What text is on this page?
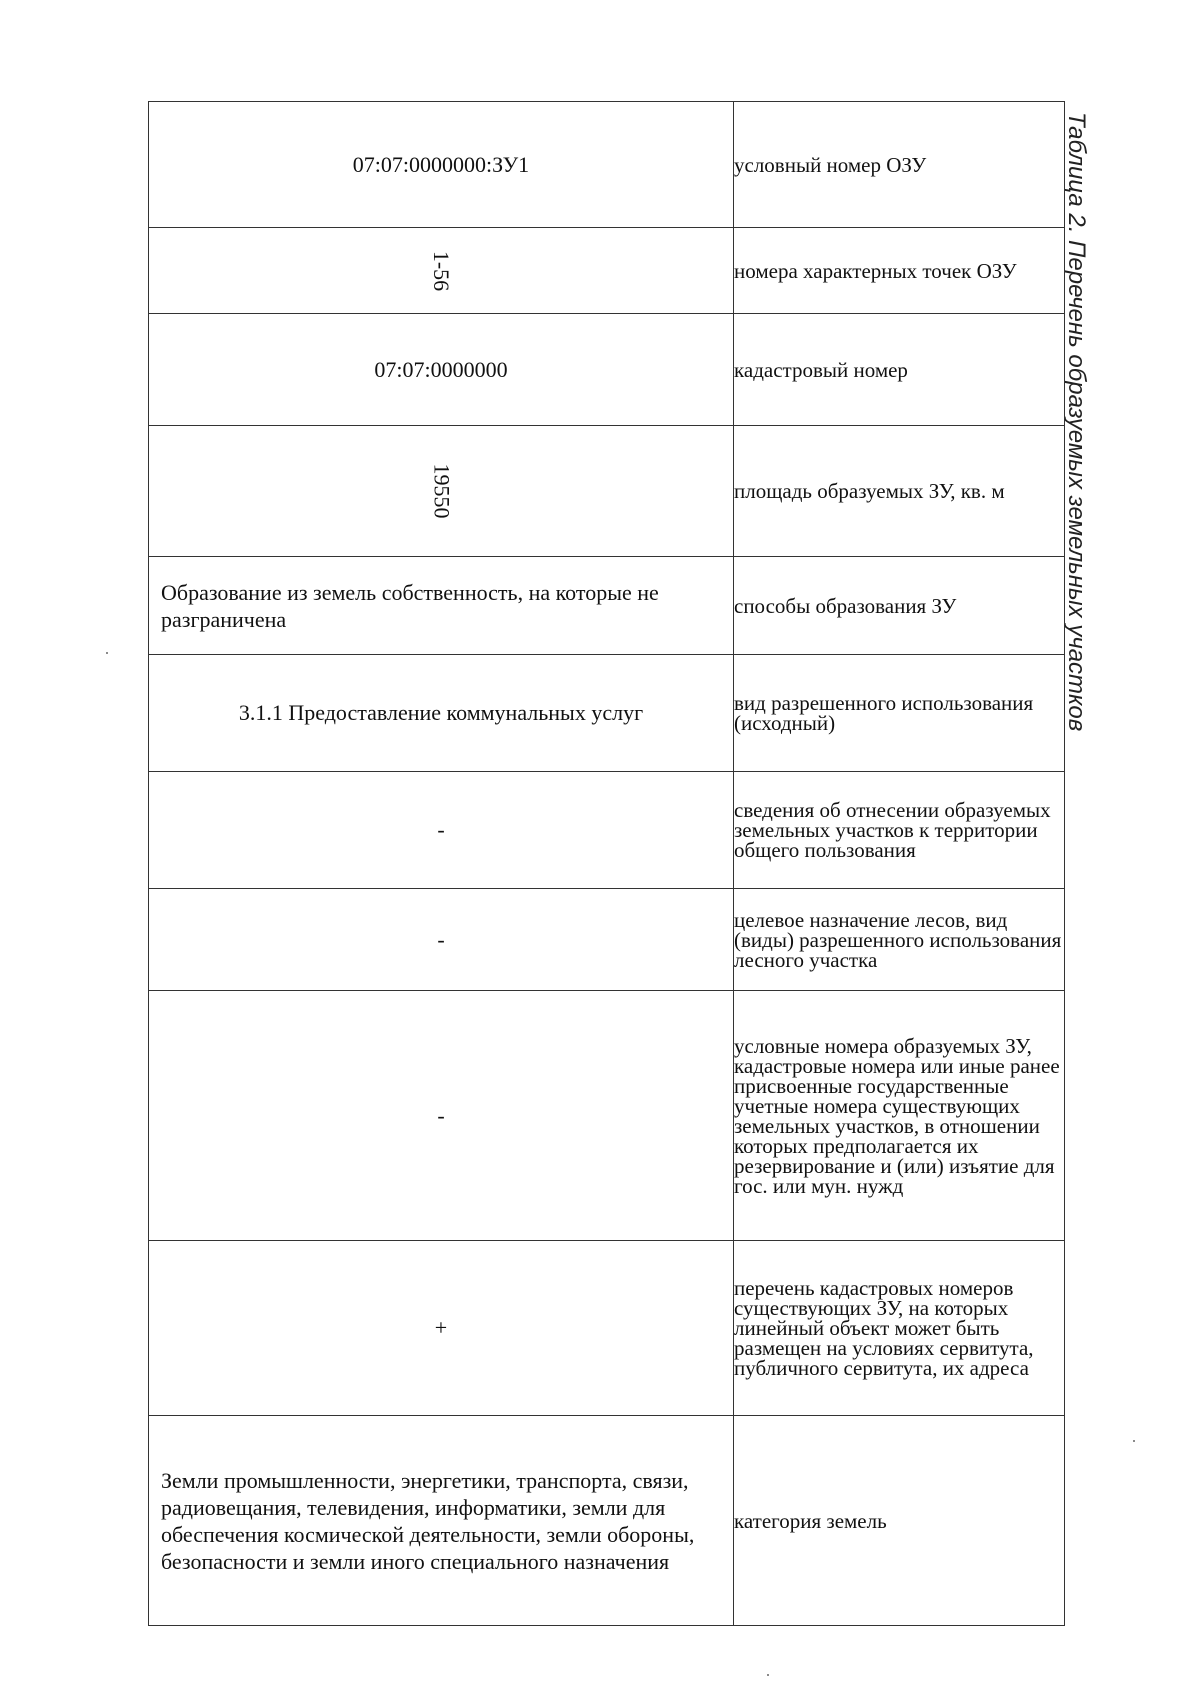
Таблица 2. Перечень образуемых земельных участков
07:07:0000000:ЗУ1	условный номер ОЗУ
1-56	номера характерных точек ОЗУ
07:07:0000000	кадастровый номер
19550	площадь образуемых ЗУ, кв. м
Образование из земель собственность, на которые не разграничена	способы образования ЗУ
3.1.1 Предоставление коммунальных услуг	вид разрешенного использования (исходный)
-	сведения об отнесении образуемых земельных участков к территории общего пользования
-	целевое назначение лесов, вид (виды) разрешенного использования лесного участка
-	условные номера образуемых ЗУ, кадастровые номера или иные ранее присвоенные государственные учетные номера существующих земельных участков, в отношении которых предполагается их резервирование и (или) изъятие для гос. или мун. нужд
+	перечень кадастровых номеров существующих ЗУ, на которых линейный объект может быть размещен на условиях сервитута, публичного сервитута, их адреса
Земли промышленности, энергетики, транспорта, связи, радиовещания, телевидения, информатики, земли для обеспечения космической деятельности, земли обороны, безопасности и земли иного специального назначения	категория земель
